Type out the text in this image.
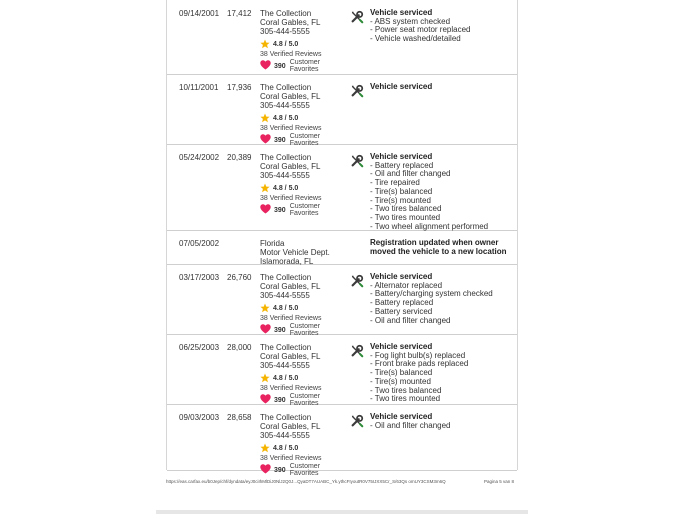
09/14/2001 17,412 The Collection
Coral Gables, FL
305-444-5555
4.8 / 5.0
38 Verified Reviews
390 Customer Favorites
Vehicle serviced
- ABS system checked
- Power seat motor replaced
- Vehicle washed/detailed
10/11/2001 17,936 The Collection
Coral Gables, FL
305-444-5555
4.8 / 5.0
38 Verified Reviews
390 Customer Favorites
Vehicle serviced
05/24/2002 20,389 The Collection
Coral Gables, FL
305-444-5555
4.8 / 5.0
38 Verified Reviews
390 Customer Favorites
Vehicle serviced
- Battery replaced
- Oil and filter changed
- Tire repaired
- Tire(s) balanced
- Tire(s) mounted
- Two tires balanced
- Two tires mounted
- Two wheel alignment performed
07/05/2002	Florida
Motor Vehicle Dept.
Islamorada, FL
Registration updated when owner moved the vehicle to a new location
03/17/2003 26,760 The Collection
Coral Gables, FL
305-444-5555
4.8 / 5.0
38 Verified Reviews
390 Customer Favorites
Vehicle serviced
- Alternator replaced
- Battery/charging system checked
- Battery replaced
- Battery serviced
- Oil and filter changed
06/25/2003 28,000 The Collection
Coral Gables, FL
305-444-5555
4.8 / 5.0
38 Verified Reviews
390 Customer Favorites
Vehicle serviced
- Fog light bulb(s) replaced
- Front brake pads replaced
- Tire(s) balanced
- Tire(s) mounted
- Two tires balanced
- Two tires mounted
09/03/2003 28,658 The Collection
Coral Gables, FL
305-444-5555
4.8 / 5.0
38 Verified Reviews
390 Customer Favorites
Vehicle serviced
- Oil and filter changed
https://eas.carfax.eu/b0Jep/chf/dyndata/eyJ0ciIhMlDiJ0NlJ2Q0J...QyaDT7AUABC_Yk.ythcFIyoutR0V75IJXX5Cr_S/63Qs omUY3CSM3m6Q	Pagina 5 van 8
